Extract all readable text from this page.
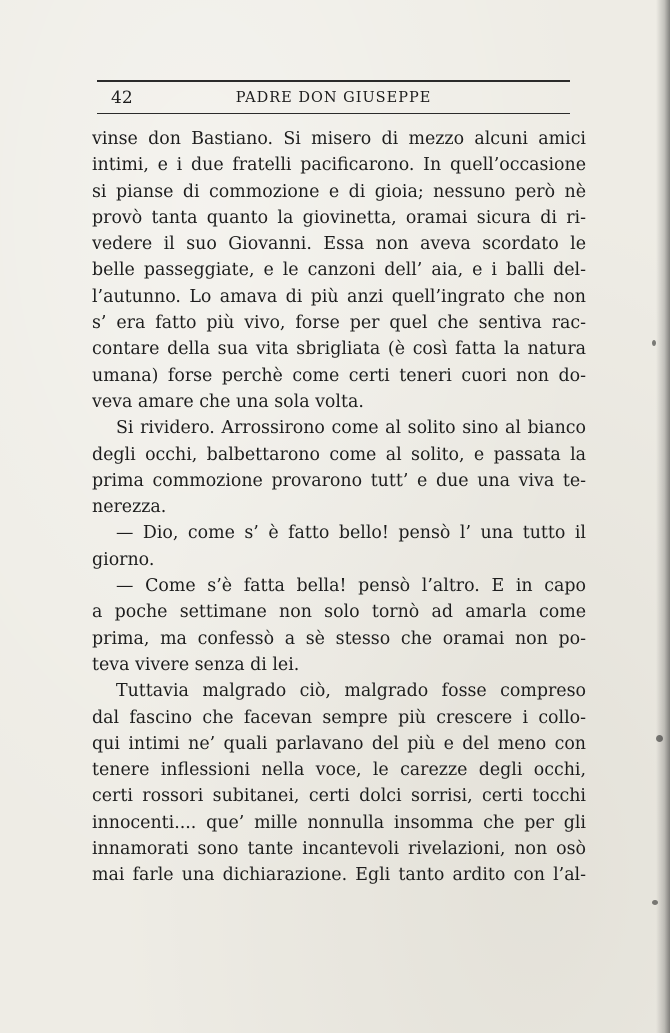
42	PADRE DON GIUSEPPE
vinse don Bastiano. Si misero di mezzo alcuni amici
intimi, e i due fratelli pacificarono. In quell’occasione
si pianse di commozione e di gioia; nessuno però nè
provò tanta quanto la giovinetta, oramai sicura di ri-
vedere il suo Giovanni. Essa non aveva scordato le
belle passeggiate, e le canzoni dell’ aia, e i balli del-
l’autunno. Lo amava di più anzi quell’ingrato che non
s’ era fatto più vivo, forse per quel che sentiva rac-
contare della sua vita sbrigliata (è così fatta la natura
umana) forse perchè come certi teneri cuori non do-
veva amare che una sola volta.
Si rividero. Arrossirono come al solito sino al bianco
degli occhi, balbettarono come al solito, e passata la
prima commozione provarono tutt’ e due una viva te-
nerezza.
— Dio, come s’ è fatto bello! pensò l’ una tutto il
giorno.
— Come s’è fatta bella! pensò l’altro. E in capo
a poche settimane non solo tornò ad amarla come
prima, ma confessò a sè stesso che oramai non po-
teva vivere senza di lei.
Tuttavia malgrado ciò, malgrado fosse compreso
dal fascino che facevan sempre più crescere i collo-
qui intimi ne’ quali parlavano del più e del meno con
tenere inflessioni nella voce, le carezze degli occhi,
certi rossori subitanei, certi dolci sorrisi, certi tocchi
innocenti.... que’ mille nonnulla insomma che per gli
innamorati sono tante incantevoli rivelazioni, non osò
mai farle una dichiarazione. Egli tanto ardito con l’al-
